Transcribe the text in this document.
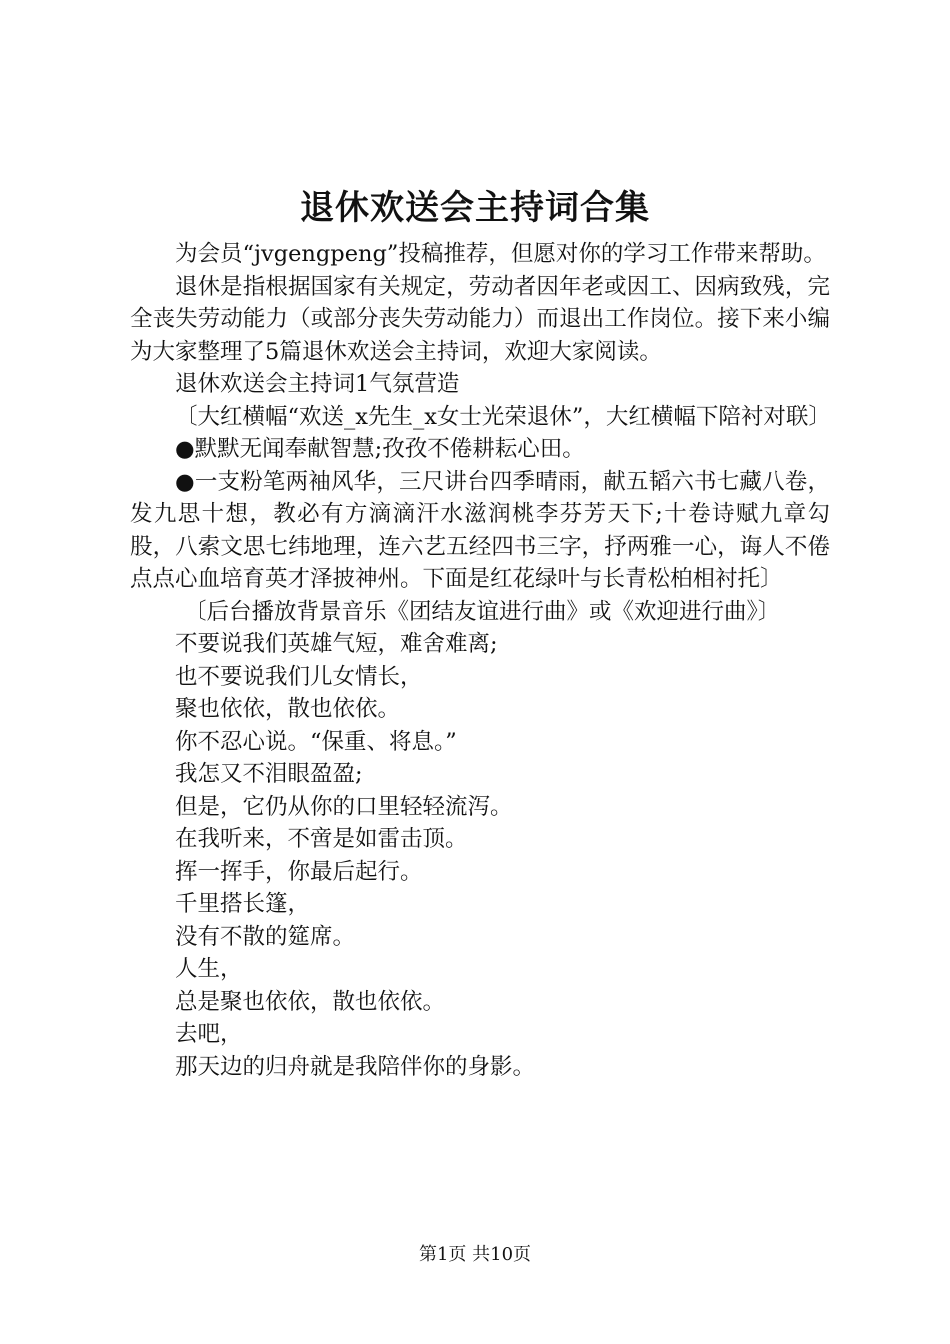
退休欢送会主持词合集

为会员“jvgengpeng”投稿推荐，但愿对你的学习工作带来帮助。

退休是指根据国家有关规定，劳动者因年老或因工、因病致残，完全丧失劳动能力（或部分丧失劳动能力）而退出工作岗位。接下来小编为大家整理了5篇退休欢送会主持词，欢迎大家阅读。

退休欢送会主持词1气氛营造

〔大红横幅“欢送_x先生_x女士光荣退休”，大红横幅下陪衬对联〕

●默默无闻奉献智慧;孜孜不倦耕耘心田。

●一支粉笔两袖风华，三尺讲台四季晴雨，献五韬六书七藏八卷，发九思十想，教必有方滴滴汗水滋润桃李芬芳天下;十卷诗赋九章勾股，八索文思七纬地理，连六艺五经四书三字，抒两雅一心，诲人不倦点点心血培育英才泽披神州。下面是红花绿叶与长青松柏相衬托〕

〔后台播放背景音乐《团结友谊进行曲》或《欢迎进行曲》〕

不要说我们英雄气短，难舍难离;
也不要说我们儿女情长，
聚也依依，散也依依。
你不忍心说。“保重、将息。”
我怎又不泪眼盈盈;
但是，它仍从你的口里轻轻流泻。
在我听来，不啻是如雷击顶。
挥一挥手，你最后起行。
千里搭长篷，
没有不散的筵席。
人生，
总是聚也依依，散也依依。
去吧，
那天边的归舟就是我陪伴你的身影。
第1页 共10页
